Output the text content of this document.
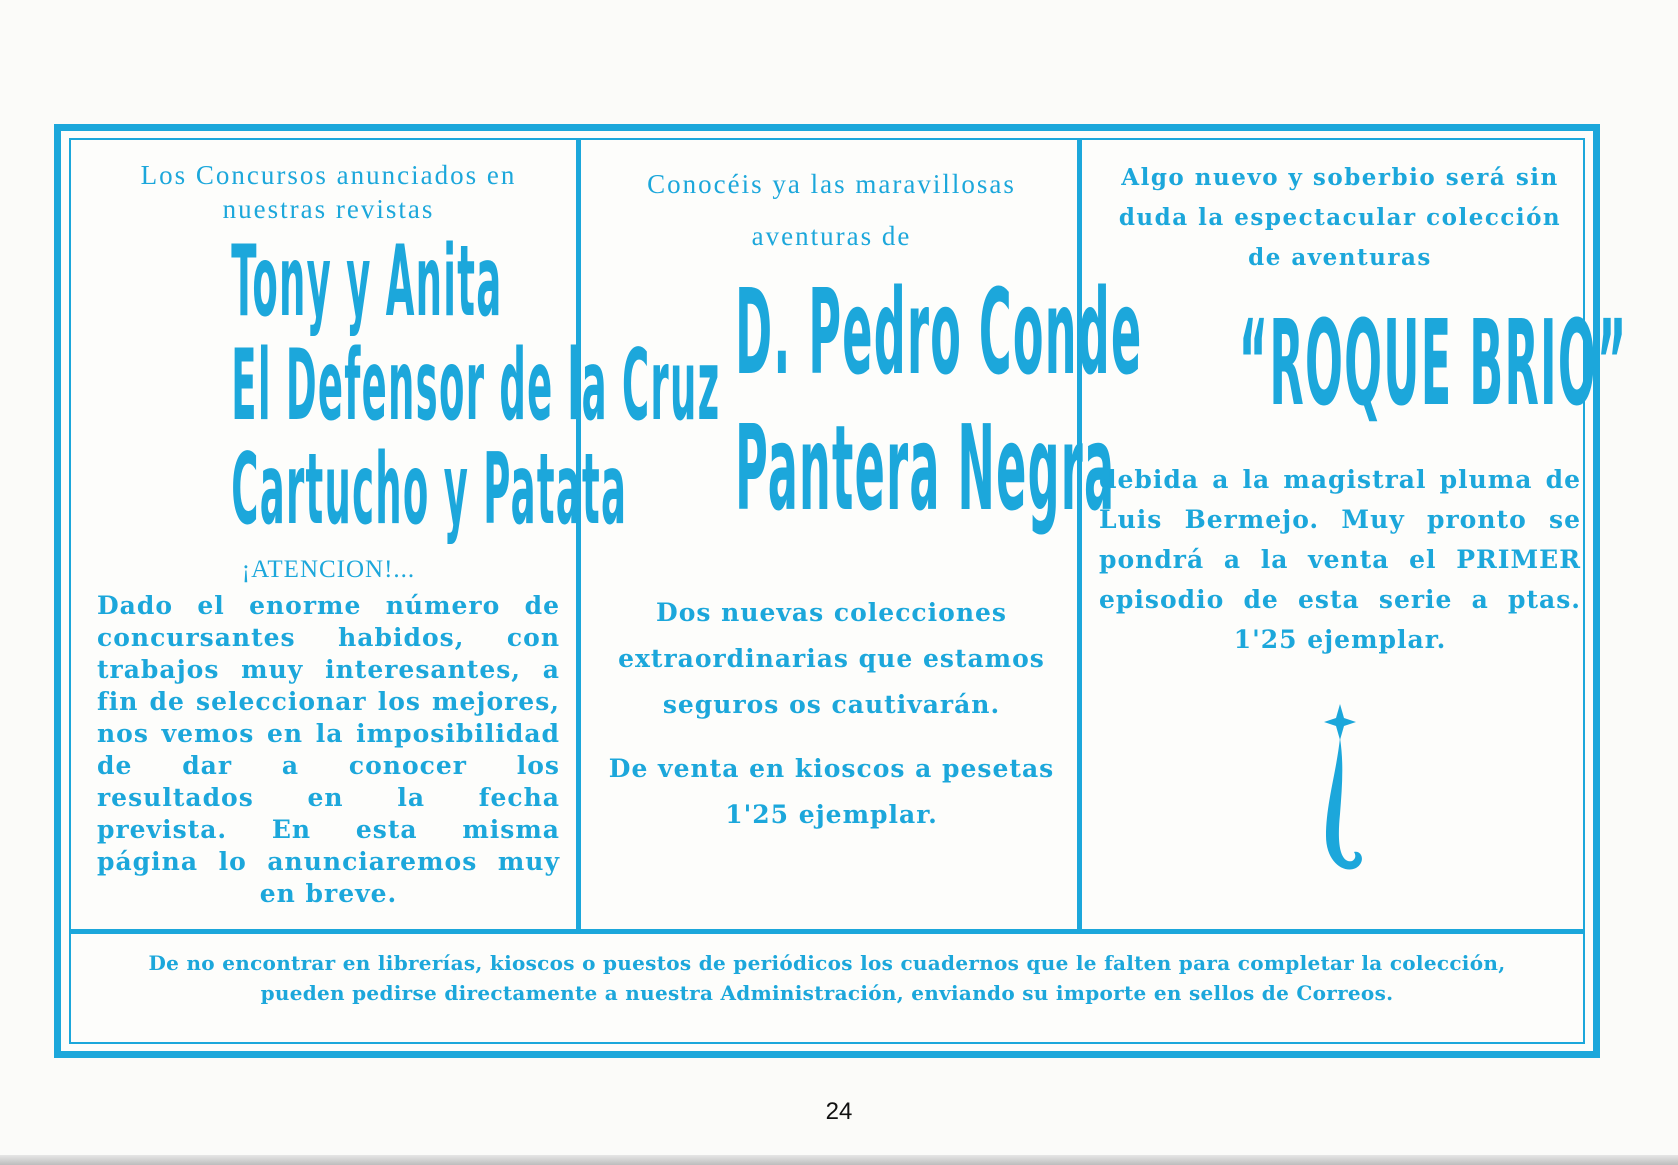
Los Concursos anunciados en nuestras revistas

Tony y Anita
El Defensor de la Cruz
Cartucho y Patata

¡ATENCION!...

Dado el enorme número de concursantes habidos, con trabajos muy interesantes, a fin de seleccionar los mejores, nos vemos en la imposibilidad de dar a conocer los resultados en la fecha prevista. En esta misma página lo anunciaremos muy en breve.

Conocéis ya las maravillosas aventuras de

D. Pedro Conde
Pantera Negra

Dos nuevas colecciones extraordinarias que estamos seguros os cautivarán.

De venta en kioscos a pesetas 1'25 ejemplar.

Algo nuevo y soberbio será sin duda la espectacular colección de aventuras

“ROQUE BRIO”

debida a la magistral pluma de Luis Bermejo. Muy pronto se pondrá a la venta el PRIMER episodio de esta serie a ptas. 1'25 ejemplar.

De no encontrar en librerías, kioscos o puestos de periódicos los cuadernos que le falten para completar la colección, pueden pedirse directamente a nuestra Administración, enviando su importe en sellos de Correos.
24
